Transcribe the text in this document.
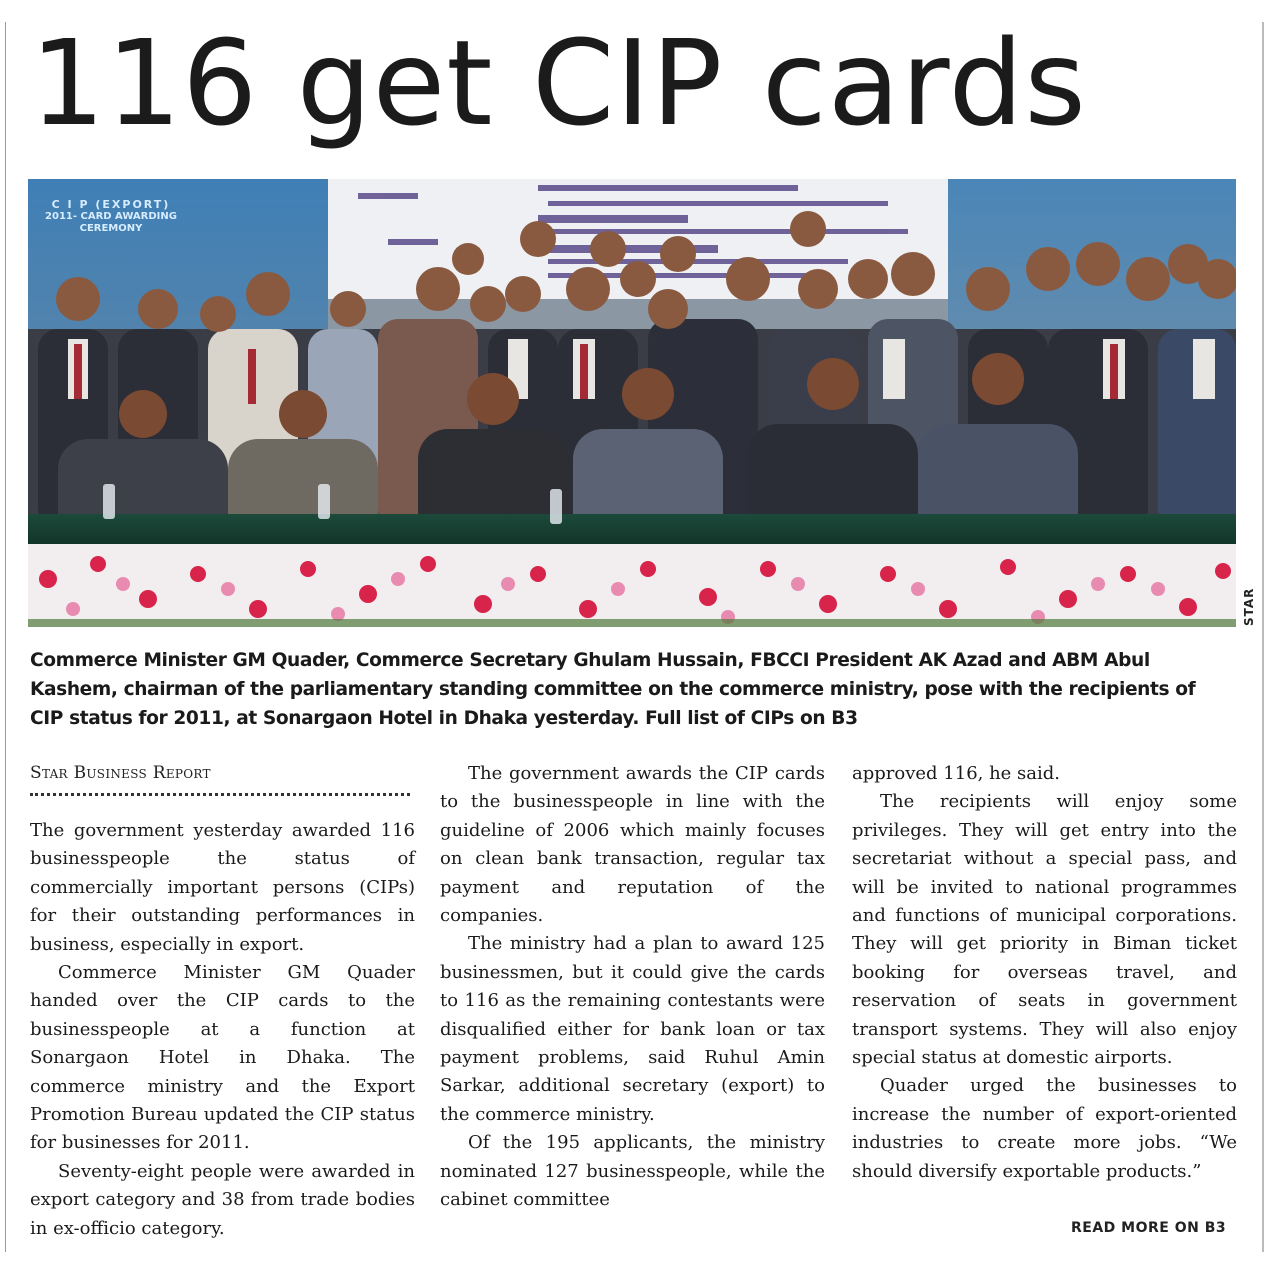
116 get CIP cards
C I P (EXPORT)
2011- CARD AWARDING
CEREMONY
STAR
Commerce Minister GM Quader, Commerce Secretary Ghulam Hussain, FBCCI President AK Azad and ABM Abul Kashem, chairman of the parliamentary standing committee on the commerce ministry, pose with the recipients of CIP status for 2011, at Sonargaon Hotel in Dhaka yesterday. Full list of CIPs on B3
Star Business Report

The government yesterday awarded 116 businesspeople the status of commercially important persons (CIPs) for their outstanding performances in business, especially in export.

Commerce Minister GM Quader handed over the CIP cards to the businesspeople at a function at Sonargaon Hotel in Dhaka. The commerce ministry and the Export Promotion Bureau updated the CIP status for businesses for 2011.

Seventy-eight people were awarded in export category and 38 from trade bodies in ex-officio category.

The government awards the CIP cards to the businesspeople in line with the guideline of 2006 which mainly focuses on clean bank transaction, regular tax payment and reputation of the companies.

The ministry had a plan to award 125 businessmen, but it could give the cards to 116 as the remaining contestants were disqualified either for bank loan or tax payment problems, said Ruhul Amin Sarkar, additional secretary (export) to the commerce ministry.

Of the 195 applicants, the ministry nominated 127 businesspeople, while the cabinet committee

approved 116, he said.

The recipients will enjoy some privileges. They will get entry into the secretariat without a special pass, and will be invited to national programmes and functions of municipal corporations. They will get priority in Biman ticket booking for overseas travel, and reservation of seats in government transport systems. They will also enjoy special status at domestic airports.

Quader urged the businesses to increase the number of export-oriented industries to create more jobs. “We should diversify exportable products.”

READ MORE ON B3
